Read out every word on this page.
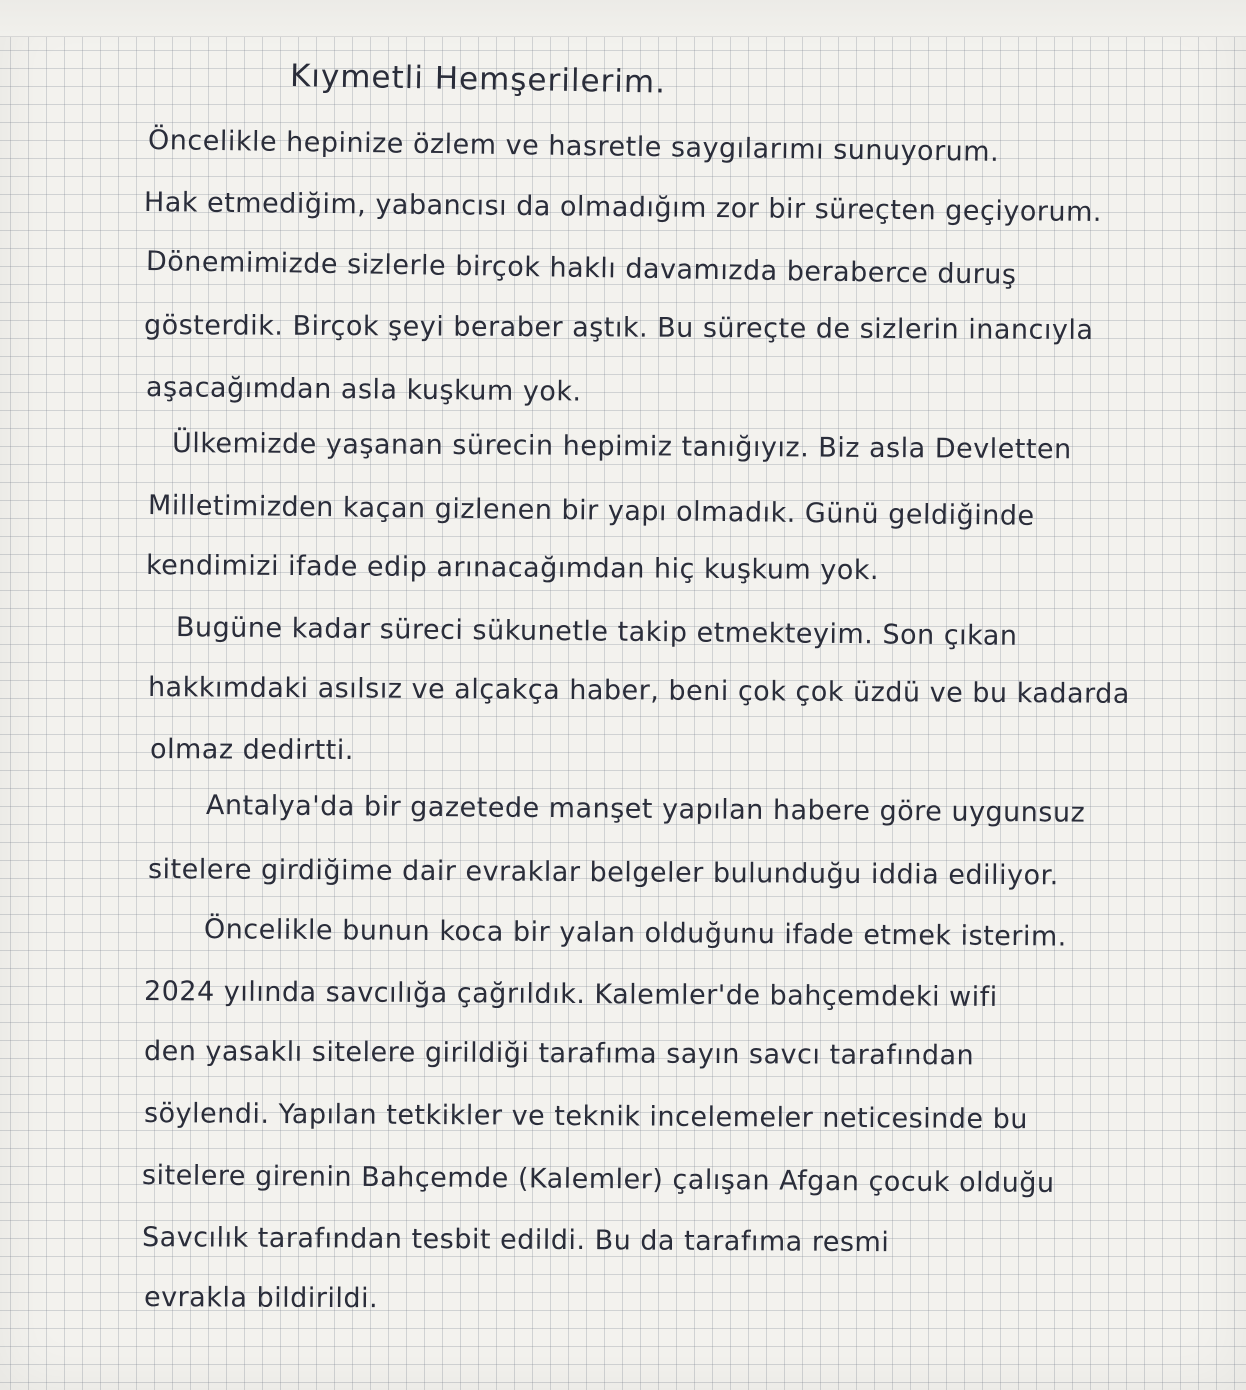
Kıymetli Hemşerilerim.

Öncelikle hepinize özlem ve hasretle saygılarımı sunuyorum.

Hak etmediğim, yabancısı da olmadığım zor bir süreçten geçiyorum.

Dönemimizde sizlerle birçok haklı davamızda beraberce duruş

gösterdik. Birçok şeyi beraber aştık. Bu süreçte de sizlerin inancıyla

aşacağımdan asla kuşkum yok.

Ülkemizde yaşanan sürecin hepimiz tanığıyız. Biz asla Devletten

Milletimizden kaçan gizlenen bir yapı olmadık. Günü geldiğinde

kendimizi ifade edip arınacağımdan hiç kuşkum yok.

Bugüne kadar süreci sükunetle takip etmekteyim. Son çıkan

hakkımdaki asılsız ve alçakça haber, beni çok çok üzdü ve bu kadarda

olmaz dedirtti.

Antalya'da bir gazetede manşet yapılan habere göre uygunsuz

sitelere girdiğime dair evraklar belgeler bulunduğu iddia ediliyor.

Öncelikle bunun koca bir yalan olduğunu ifade etmek isterim.

2024 yılında savcılığa çağrıldık. Kalemler'de bahçemdeki wifi

den yasaklı sitelere girildiği tarafıma sayın savcı tarafından

söylendi. Yapılan tetkikler ve teknik incelemeler neticesinde bu

sitelere girenin Bahçemde (Kalemler) çalışan Afgan çocuk olduğu

Savcılık tarafından tesbit edildi. Bu da tarafıma resmi

evrakla bildirildi.
